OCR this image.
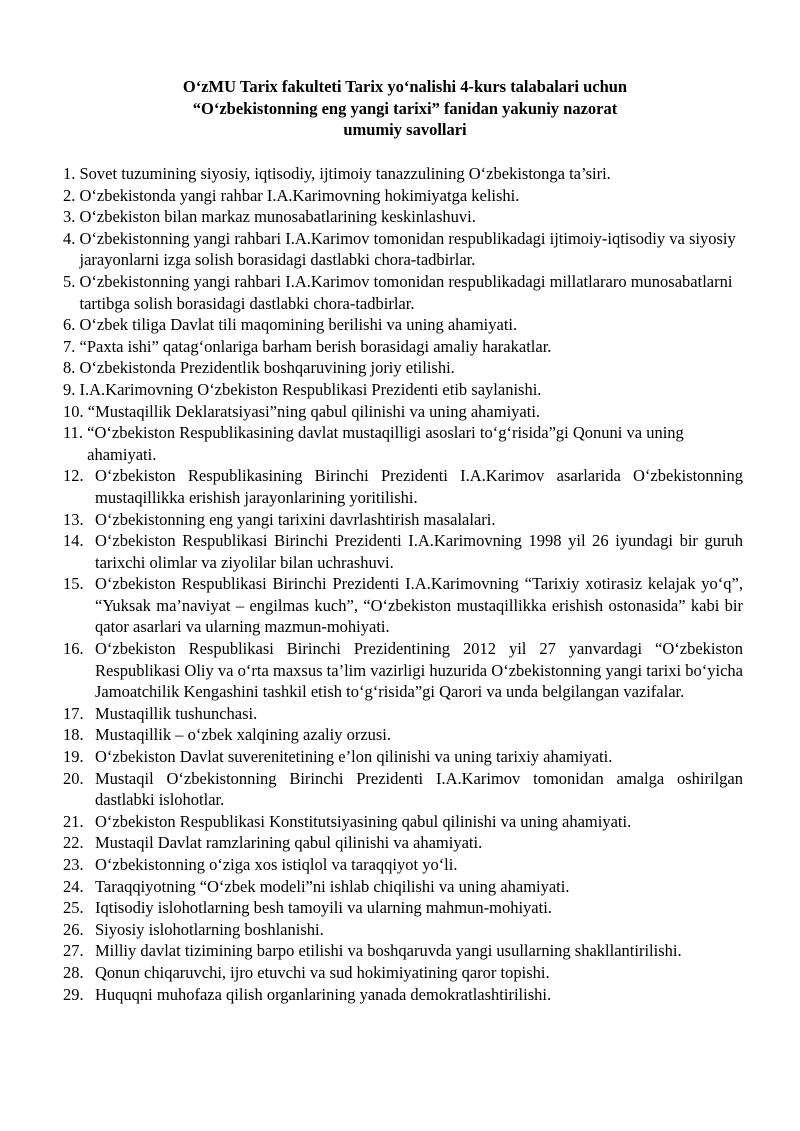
O‘zMU Tarix fakulteti Tarix yo‘nalishi 4-kurs talabalari uchun
“O‘zbekistonning eng yangi tarixi” fanidan yakuniy nazorat
umumiy savollari
1. Sovet tuzumining siyosiy, iqtisodiy, ijtimoiy tanazzulining O‘zbekistonga ta’siri.
2. O‘zbekistonda yangi rahbar I.A.Karimovning hokimiyatga kelishi.
3. O‘zbekiston bilan markaz munosabatlarining keskinlashuvi.
4. O‘zbekistonning yangi rahbari I.A.Karimov tomonidan respublikadagi ijtimoiy-iqtisodiy va siyosiy jarayonlarni izga solish borasidagi dastlabki chora-tadbirlar.
5. O‘zbekistonning yangi rahbari I.A.Karimov tomonidan respublikadagi millatlararo munosabatlarni tartibga solish borasidagi dastlabki chora-tadbirlar.
6. O‘zbek tiliga Davlat tili maqomining berilishi va uning ahamiyati.
7. “Paxta ishi” qatag‘onlariga barham berish borasidagi amaliy harakatlar.
8. O‘zbekistonda Prezidentlik boshqaruvining joriy etilishi.
9. I.A.Karimovning O‘zbekiston Respublikasi Prezidenti etib saylanishi.
10. “Mustaqillik Deklaratsiyasi”ning qabul qilinishi va uning ahamiyati.
11. “O‘zbekiston Respublikasining davlat mustaqilligi asoslari to‘g‘risida”gi Qonuni va uning ahamiyati.
12. O‘zbekiston Respublikasining Birinchi Prezidenti I.A.Karimov asarlarida O‘zbekistonning mustaqillikka erishish jarayonlarining yoritilishi.
13. O‘zbekistonning eng yangi tarixini davrlashtirish masalalari.
14. O‘zbekiston Respublikasi Birinchi Prezidenti I.A.Karimovning 1998 yil 26 iyundagi bir guruh tarixchi olimlar va ziyolilar bilan uchrashuvi.
15. O‘zbekiston Respublikasi Birinchi Prezidenti I.A.Karimovning “Tarixiy xotirasiz kelajak yo‘q”, “Yuksak ma’naviyat – engilmas kuch”, “O‘zbekiston mustaqillikka erishish ostonasida” kabi bir qator asarlari va ularning mazmun-mohiyati.
16. O‘zbekiston Respublikasi Birinchi Prezidentining 2012 yil 27 yanvardagi “O‘zbekiston Respublikasi Oliy va o‘rta maxsus ta’lim vazirligi huzurida O‘zbekistonning yangi tarixi bo‘yicha Jamoatchilik Kengashini tashkil etish to‘g‘risida”gi Qarori va unda belgilangan vazifalar.
17. Mustaqillik tushunchasi.
18. Mustaqillik – o‘zbek xalqining azaliy orzusi.
19. O‘zbekiston Davlat suverenitetining e’lon qilinishi va uning tarixiy ahamiyati.
20. Mustaqil O‘zbekistonning Birinchi Prezidenti I.A.Karimov tomonidan amalga oshirilgan dastlabki islohotlar.
21. O‘zbekiston Respublikasi Konstitutsiyasining qabul qilinishi va uning ahamiyati.
22. Mustaqil Davlat ramzlarining qabul qilinishi va ahamiyati.
23. O‘zbekistonning o‘ziga xos istiqlol va taraqqiyot yo‘li.
24. Taraqqiyotning “O‘zbek modeli”ni ishlab chiqilishi va uning ahamiyati.
25. Iqtisodiy islohotlarning besh tamoyili va ularning mahmun-mohiyati.
26. Siyosiy islohotlarning boshlanishi.
27. Milliy davlat tizimining barpo etilishi va boshqaruvda yangi usullarning shakllantirilishi.
28. Qonun chiqaruvchi, ijro etuvchi va sud hokimiyatining qaror topishi.
29. Huquqni muhofaza qilish organlarining yanada demokratlashtirilishi.
